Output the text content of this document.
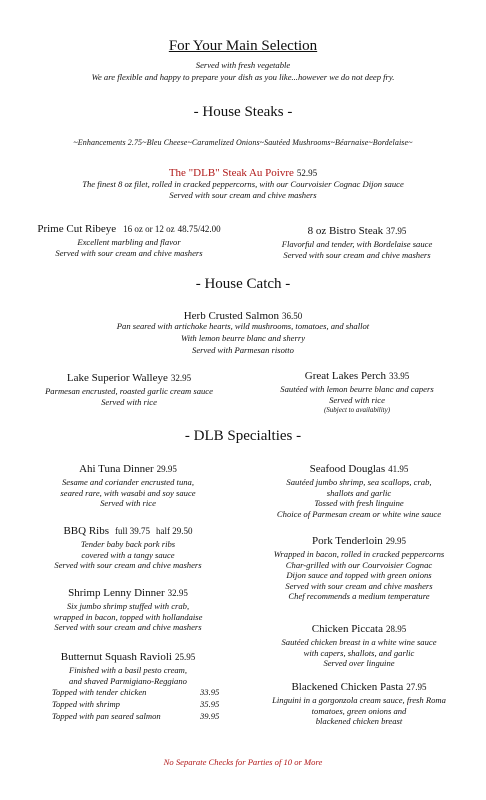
For Your Main Selection
Served with fresh vegetable
We are flexible and happy to prepare your dish as you like...however we do not deep fry.
- House Steaks -
~Enhancements 2.75~Bleu Cheese~Caramelized Onions~Sautéed Mushrooms~Béarnaise~Bordelaise~
The "DLB" Steak Au Poivre 52.95
The finest 8 oz filet, rolled in cracked peppercorns, with our Courvoisier Cognac Dijon sauce
Served with sour cream and chive mashers
Prime Cut Ribeye 16 oz or 12 oz 48.75/42.00
Excellent marbling and flavor
Served with sour cream and chive mashers
8 oz Bistro Steak 37.95
Flavorful and tender, with Bordelaise sauce
Served with sour cream and chive mashers
- House Catch -
Herb Crusted Salmon 36.50
Pan seared with artichoke hearts, wild mushrooms, tomatoes, and shallot
With lemon beurre blanc and sherry
Served with Parmesan risotto
Lake Superior Walleye 32.95
Parmesan encrusted, roasted garlic cream sauce
Served with rice
Great Lakes Perch 33.95
Sautéed with lemon beurre blanc and capers
Served with rice
(Subject to availability)
- DLB Specialties -
Ahi Tuna Dinner 29.95
Sesame and coriander encrusted tuna,
seared rare, with wasabi and soy sauce
Served with rice
BBQ Ribs full 39.75 half 29.50
Tender baby back pork ribs
covered with a tangy sauce
Served with sour cream and chive mashers
Shrimp Lenny Dinner 32.95
Six jumbo shrimp stuffed with crab,
wrapped in bacon, topped with hollandaise
Served with sour cream and chive mashers
Butternut Squash Ravioli 25.95
Finished with a basil pesto cream,
and shaved Parmigiano-Reggiano
Topped with tender chicken	33.95
Topped with shrimp	35.95
Topped with pan seared salmon	39.95
Seafood Douglas 41.95
Sautéed jumbo shrimp, sea scallops, crab,
shallots and garlic
Tossed with fresh linguine
Choice of Parmesan cream or white wine sauce
Pork Tenderloin 29.95
Wrapped in bacon, rolled in cracked peppercorns
Char-grilled with our Courvoisier Cognac
Dijon sauce and topped with green onions
Served with sour cream and chive mashers
Chef recommends a medium temperature
Chicken Piccata 28.95
Sautéed chicken breast in a white wine sauce
with capers, shallots, and garlic
Served over linguine
Blackened Chicken Pasta 27.95
Linguini in a gorgonzola cream sauce, fresh Roma
tomatoes, green onions and
blackened chicken breast
No Separate Checks for Parties of 10 or More
